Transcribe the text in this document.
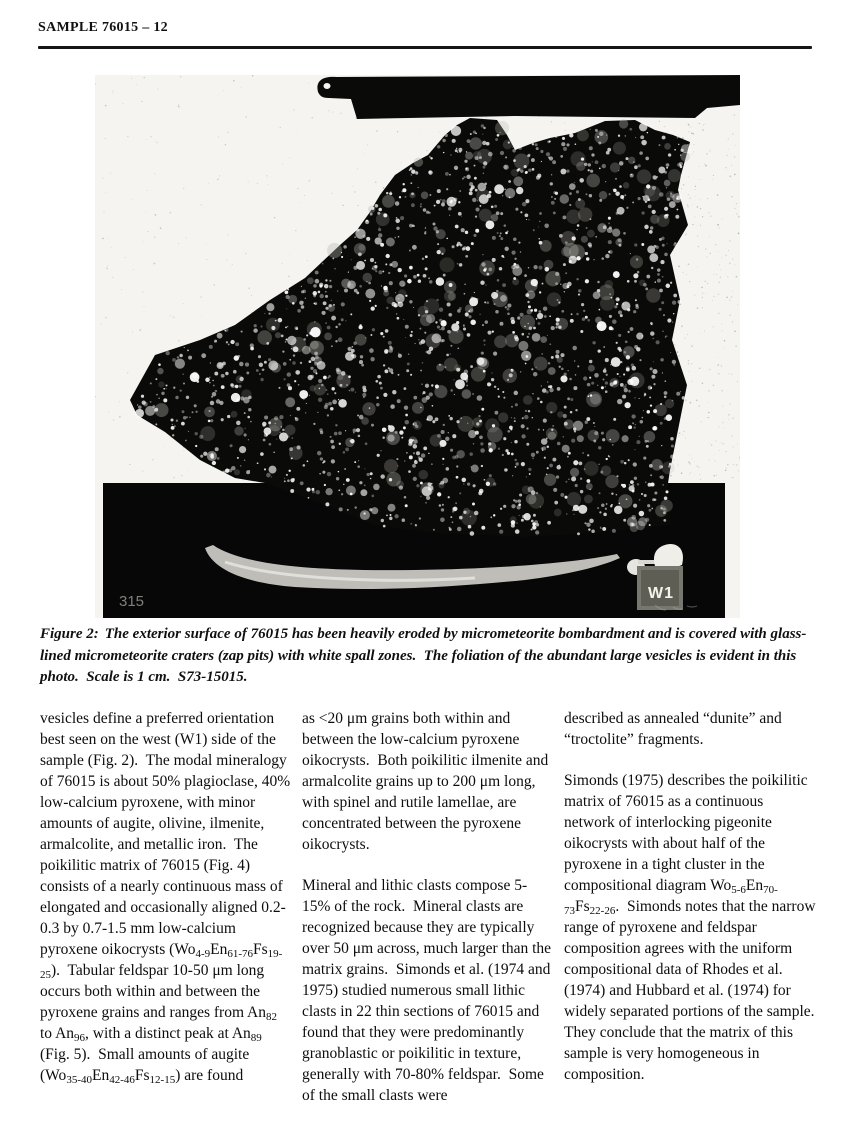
SAMPLE 76015 – 12
W1
315
Figure 2: The exterior surface of 76015 has been heavily eroded by micrometeorite bombardment and is covered with glass-lined micrometeorite craters (zap pits) with white spall zones.  The foliation of the abundant large vesicles is evident in this photo.  Scale is 1 cm.  S73-15015.

vesicles define a preferred orientation best seen on the west (W1) side of the sample (Fig. 2).  The modal mineralogy of 76015 is about 50% plagioclase, 40% low-calcium pyroxene, with minor amounts of augite, olivine, ilmenite, armalcolite, and metallic iron.  The poikilitic matrix of 76015 (Fig. 4) consists of a nearly continuous mass of elongated and occasionally aligned 0.2-0.3 by 0.7-1.5 mm low-calcium pyroxene oikocrysts $(Wo_{4-9}En_{61-76}Fs_{19-25})$.  Tabular feldspar 10-50 μm long occurs both within and between the pyroxene grains and ranges from $An_{82}$ to $An_{96}$, with a distinct peak at $An_{89}$ (Fig. 5).  Small amounts of augite $(Wo_{35-40}En_{42-46}Fs_{12-15})$ are found

as <20 μm grains both within and between the low-calcium pyroxene oikocrysts.  Both poikilitic ilmenite and armalcolite grains up to 200 μm long, with spinel and rutile lamellae, are concentrated between the pyroxene oikocrysts.

Mineral and lithic clasts compose 5-15% of the rock.  Mineral clasts are recognized because they are typically over 50 μm across, much larger than the matrix grains.  Simonds et al. (1974 and 1975) studied numerous small lithic clasts in 22 thin sections of 76015 and found that they were predominantly granoblastic or poikilitic in texture, generally with 70-80% feldspar.  Some of the small clasts were

described as annealed “dunite” and “troctolite” fragments.

Simonds (1975) describes the poikilitic matrix of 76015 as a continuous network of interlocking pigeonite oikocrysts with about half of the pyroxene in a tight cluster in the compositional diagram $Wo_{5-6}En_{70-73}Fs_{22-26}$.  Simonds notes that the narrow range of pyroxene and feldspar composition agrees with the uniform compositional data of Rhodes et al. (1974) and Hubbard et al. (1974) for widely separated portions of the sample.  They conclude that the matrix of this sample is very homogeneous in composition.
